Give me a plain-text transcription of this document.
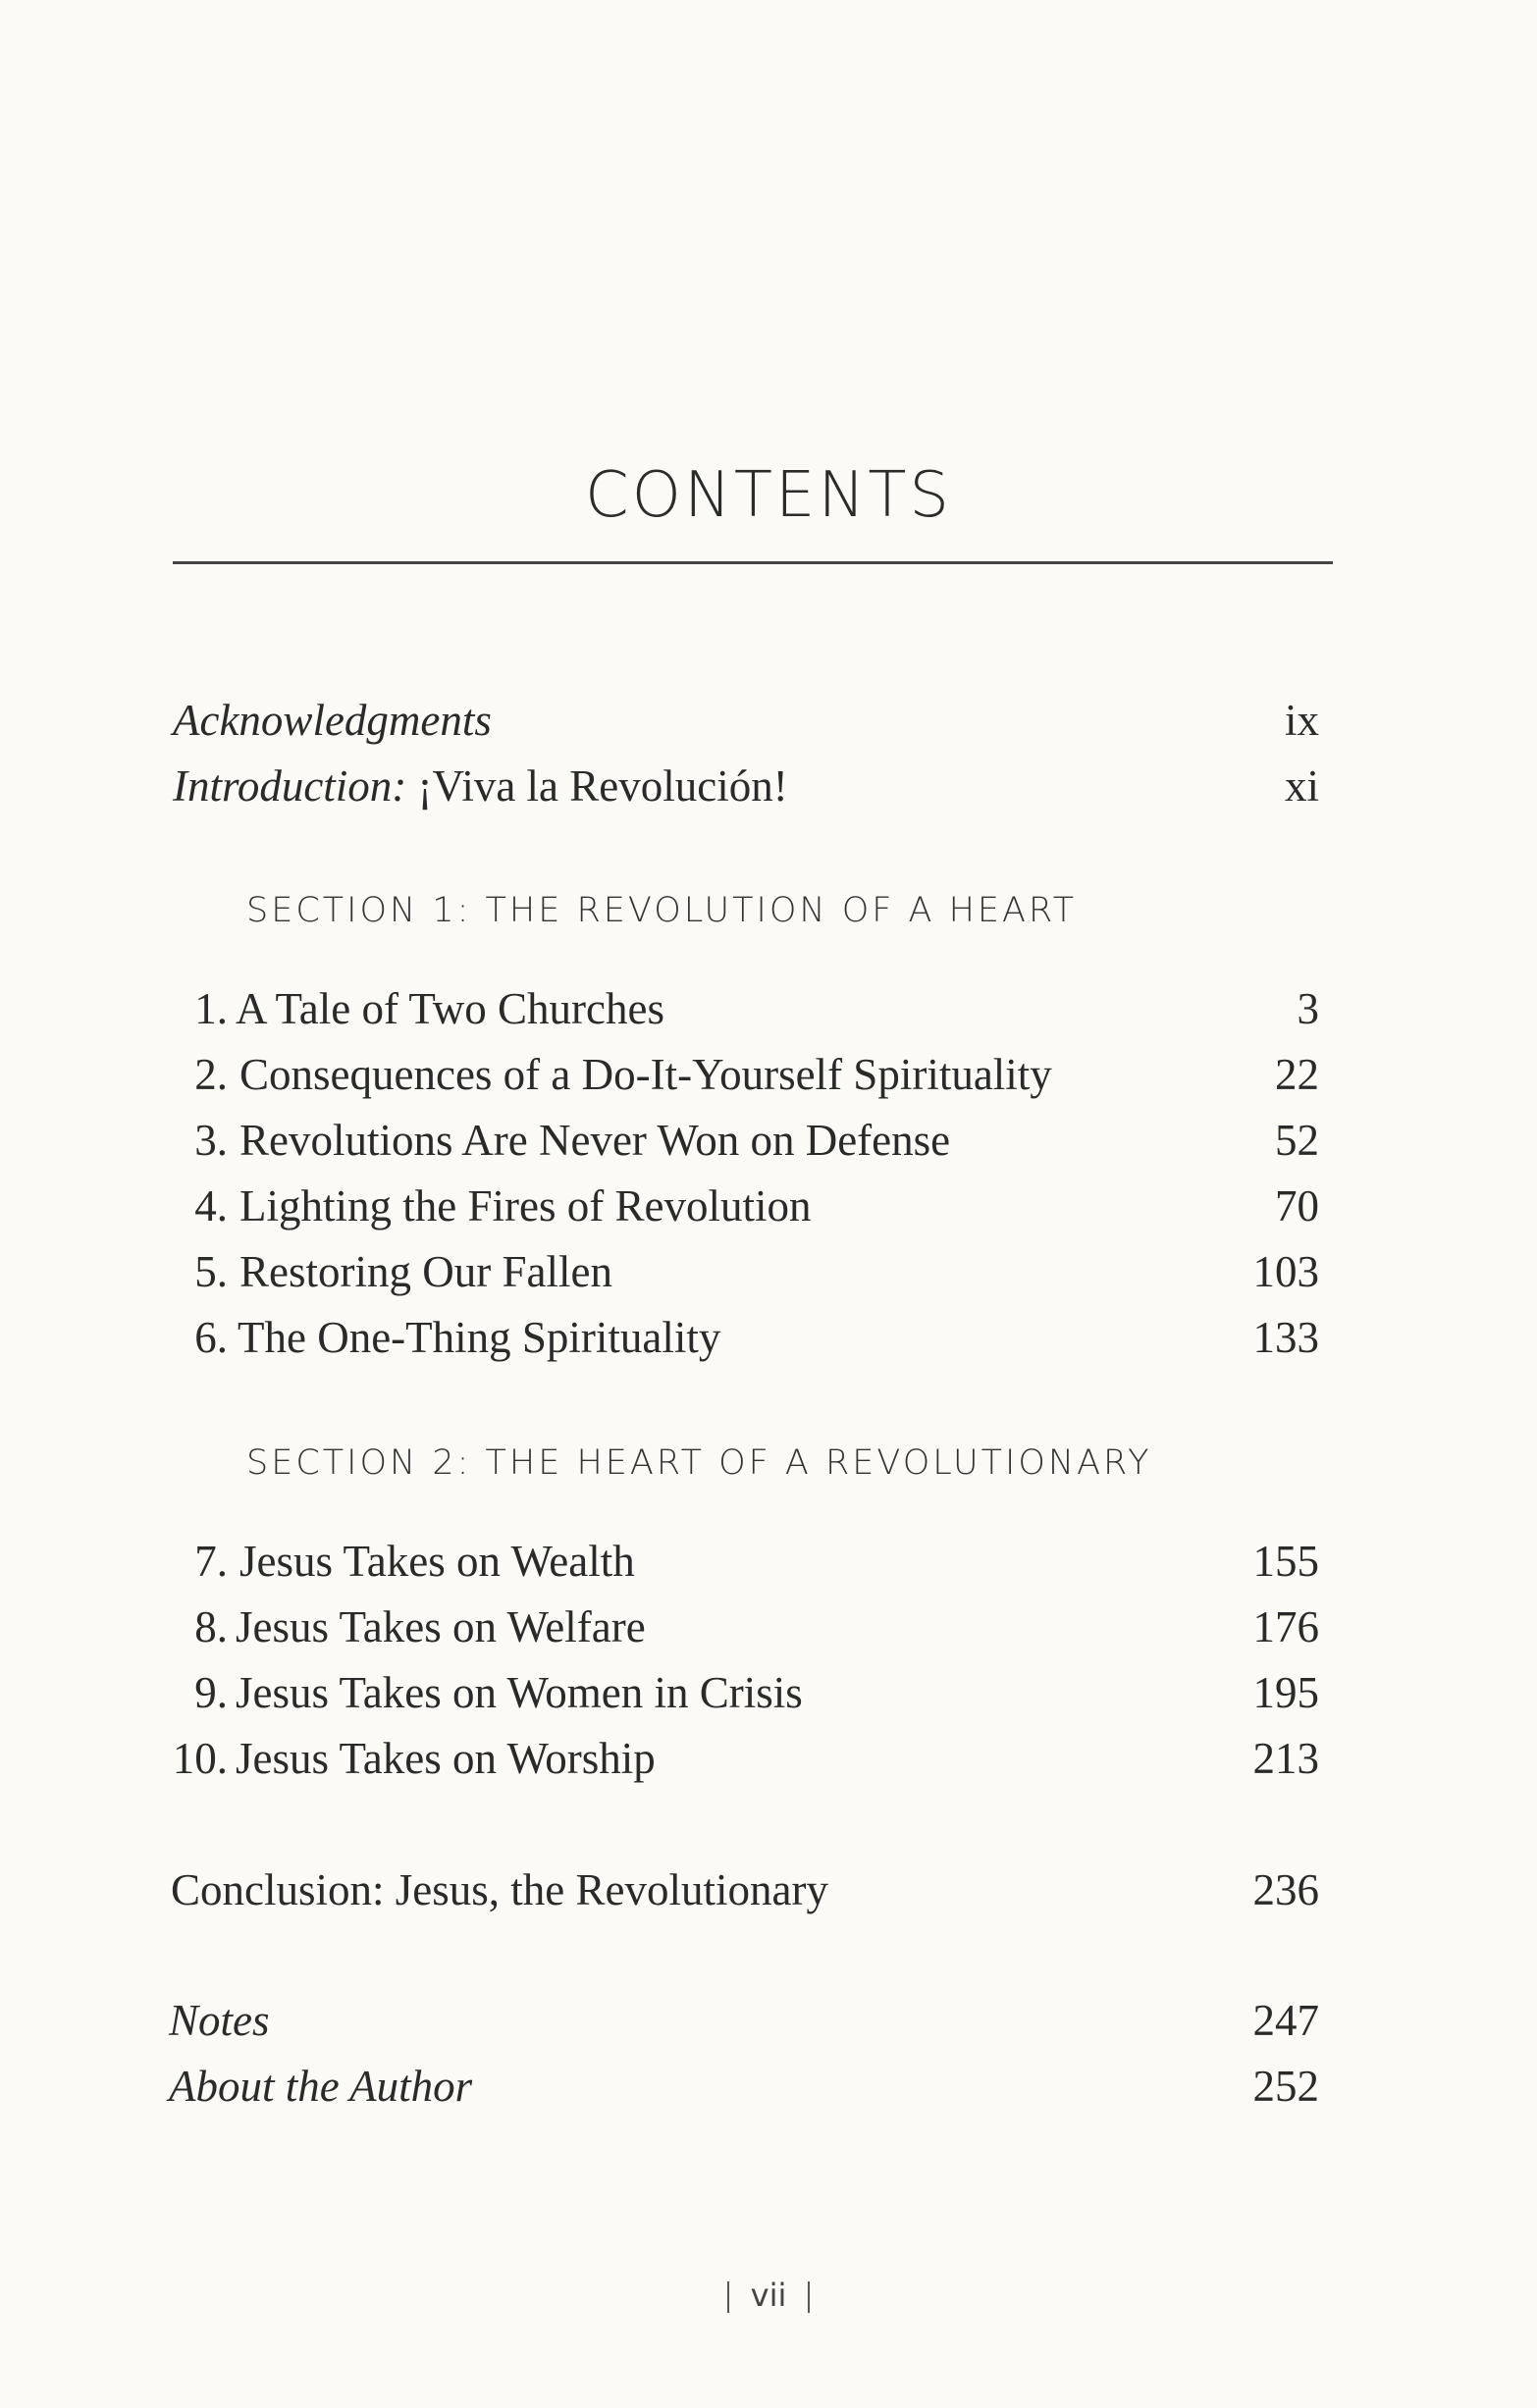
CONTENTS
Acknowledgments	ix
Introduction: ¡Viva la Revolución!	xi
SECTION 1: THE REVOLUTION OF A HEART
1. A Tale of Two Churches	3
2. Consequences of a Do-It-Yourself Spirituality	22
3. Revolutions Are Never Won on Defense	52
4. Lighting the Fires of Revolution	70
5. Restoring Our Fallen	103
6. The One-Thing Spirituality	133
SECTION 2: THE HEART OF A REVOLUTIONARY
7. Jesus Takes on Wealth	155
8. Jesus Takes on Welfare	176
9. Jesus Takes on Women in Crisis	195
10. Jesus Takes on Worship	213
Conclusion: Jesus, the Revolutionary	236
Notes	247
About the Author	252
vii
